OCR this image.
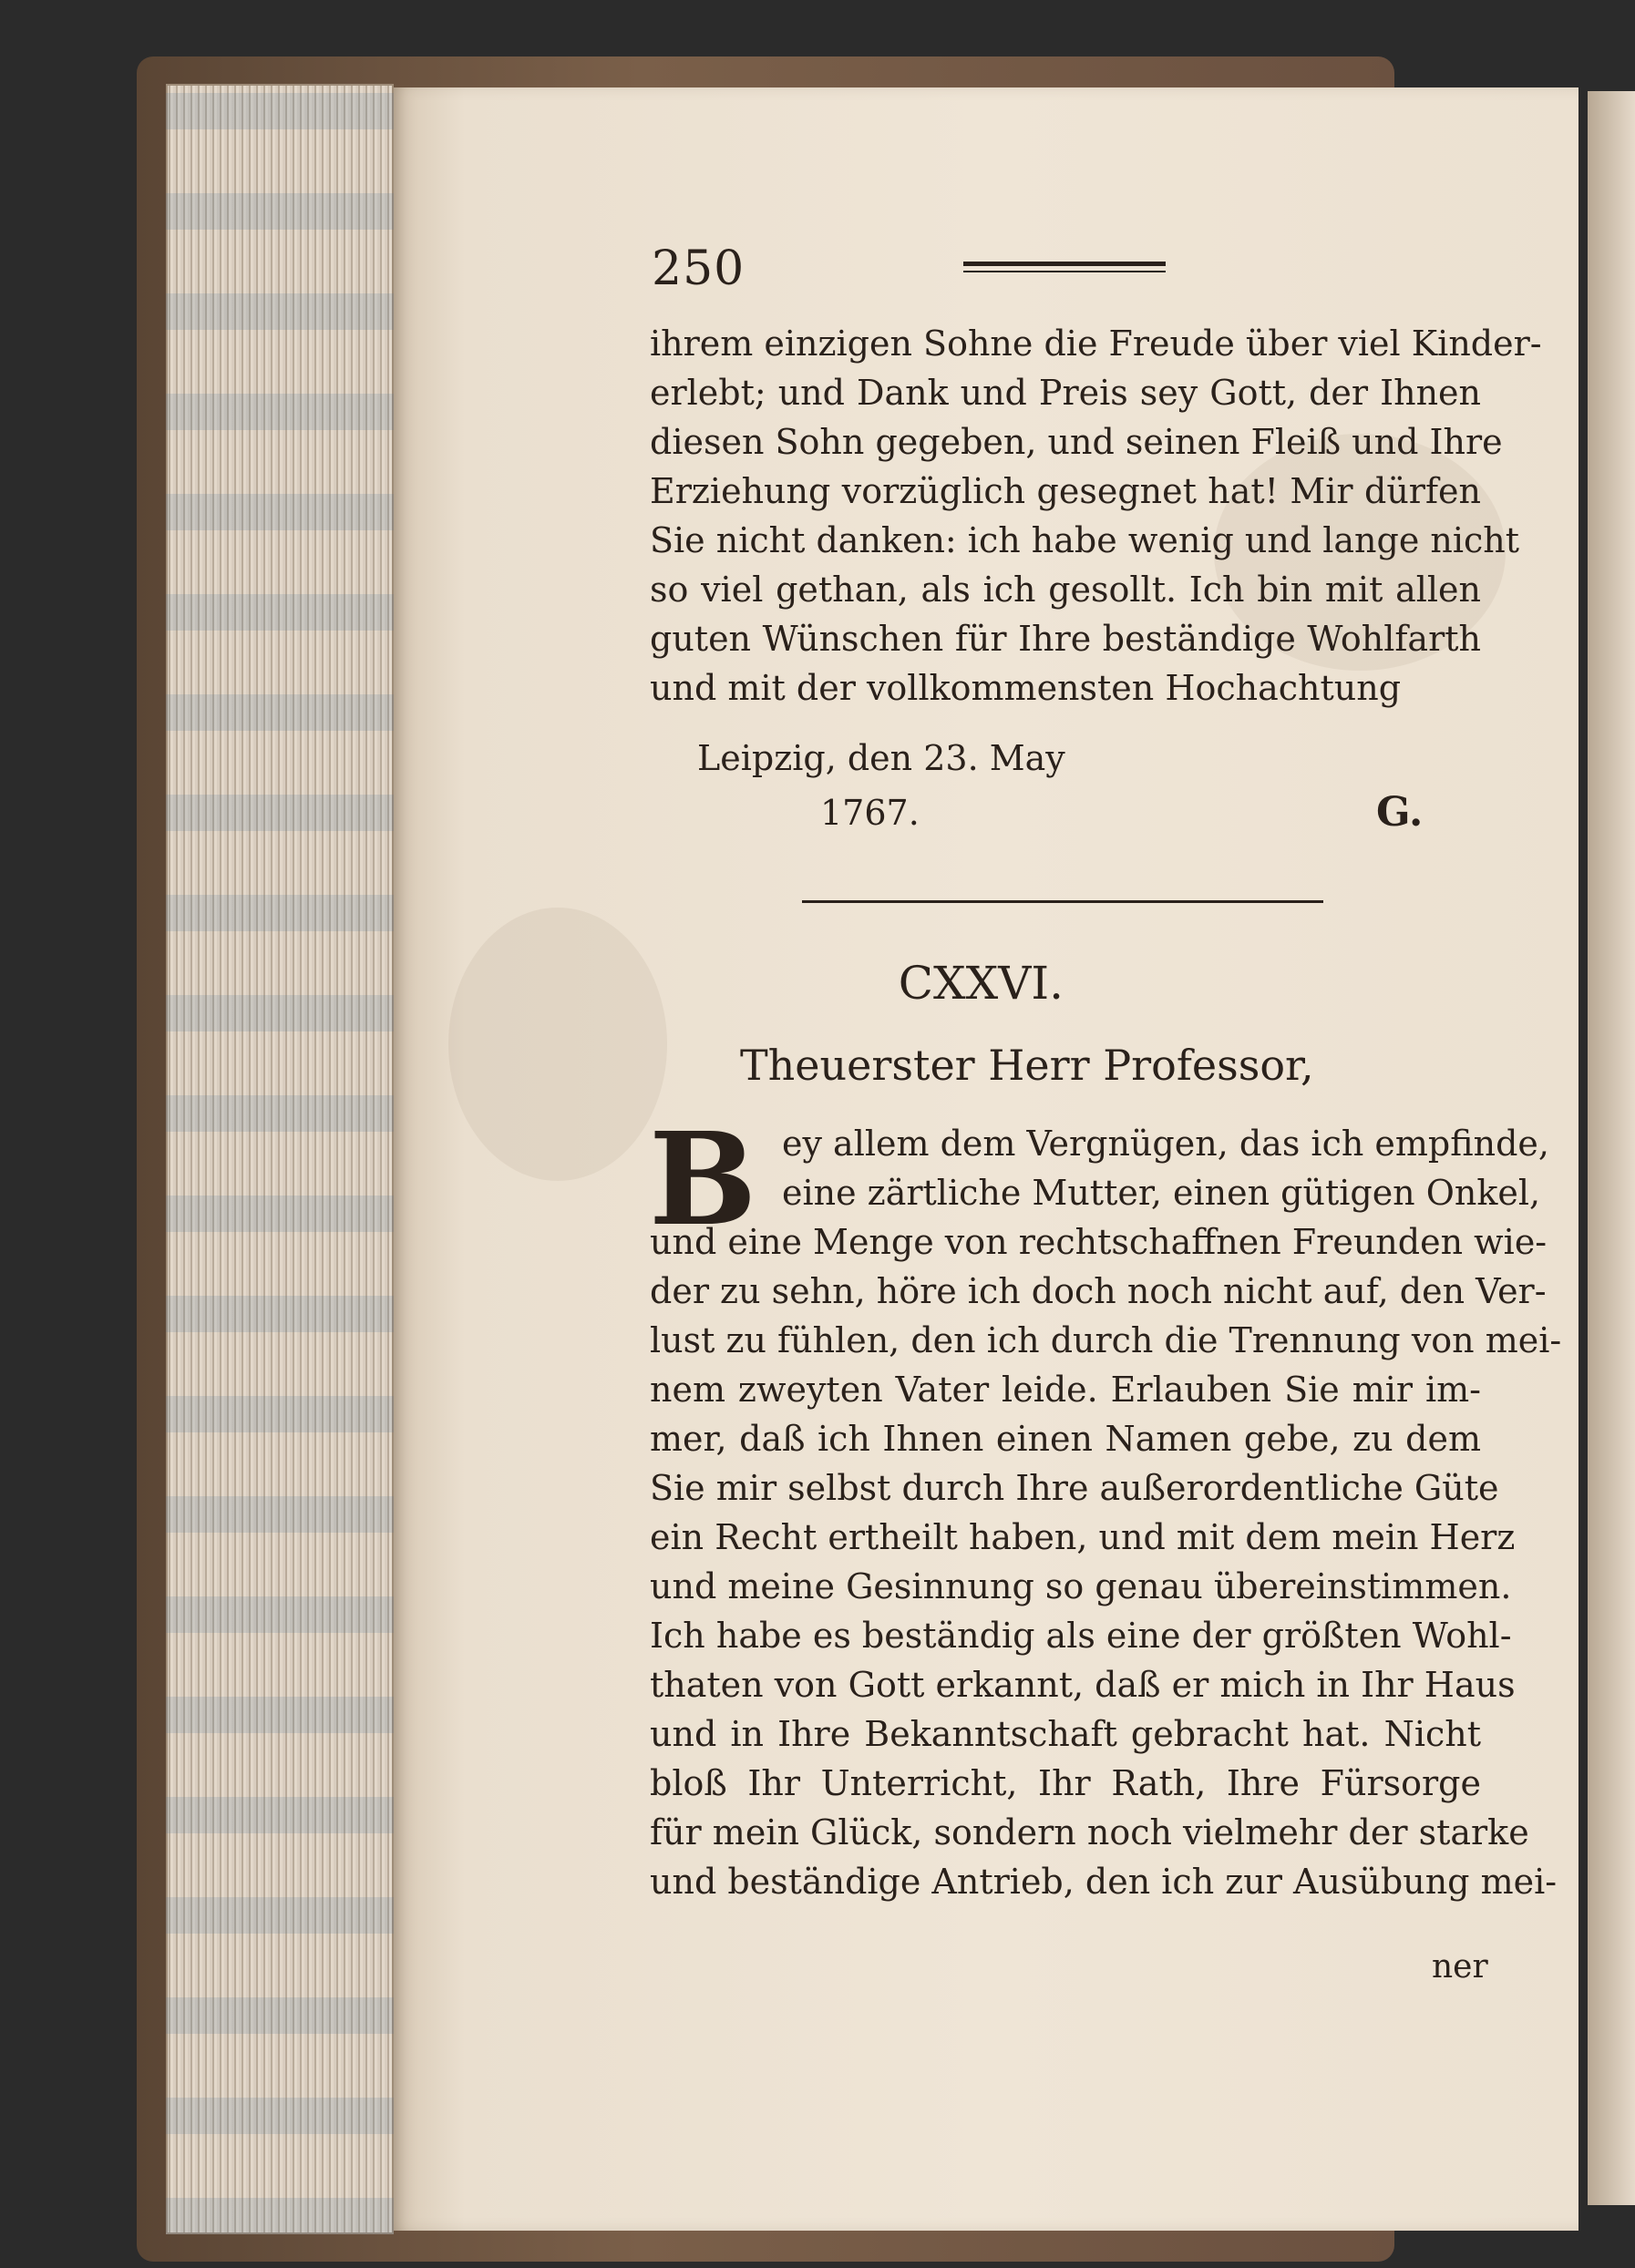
250
ihrem einzigen Sohne die Freude über viel Kinder-
erlebt; und Dank und Preis sey Gott, der Ihnen
diesen Sohn gegeben, und seinen Fleiß und Ihre
Erziehung vorzüglich gesegnet hat! Mir dürfen
Sie nicht danken: ich habe wenig und lange nicht
so viel gethan, als ich gesollt. Ich bin mit allen
guten Wünschen für Ihre beständige Wohlfarth
und mit der vollkommensten Hochachtung
Leipzig, den 23. May
1767.	G.
CXXVI.
Theuerster Herr Professor,
B ey allem dem Vergnügen, das ich empfinde,
eine zärtliche Mutter, einen gütigen Onkel,
und eine Menge von rechtschaffnen Freunden wie-
der zu sehn, höre ich doch noch nicht auf, den Ver-
lust zu fühlen, den ich durch die Trennung von mei-
nem zweyten Vater leide. Erlauben Sie mir im-
mer, daß ich Ihnen einen Namen gebe, zu dem
Sie mir selbst durch Ihre außerordentliche Güte
ein Recht ertheilt haben, und mit dem mein Herz
und meine Gesinnung so genau übereinstimmen.
Ich habe es beständig als eine der größten Wohl-
thaten von Gott erkannt, daß er mich in Ihr Haus
und in Ihre Bekanntschaft gebracht hat. Nicht
bloß Ihr Unterricht, Ihr Rath, Ihre Fürsorge
für mein Glück, sondern noch vielmehr der starke
und beständige Antrieb, den ich zur Ausübung mei-
ner
